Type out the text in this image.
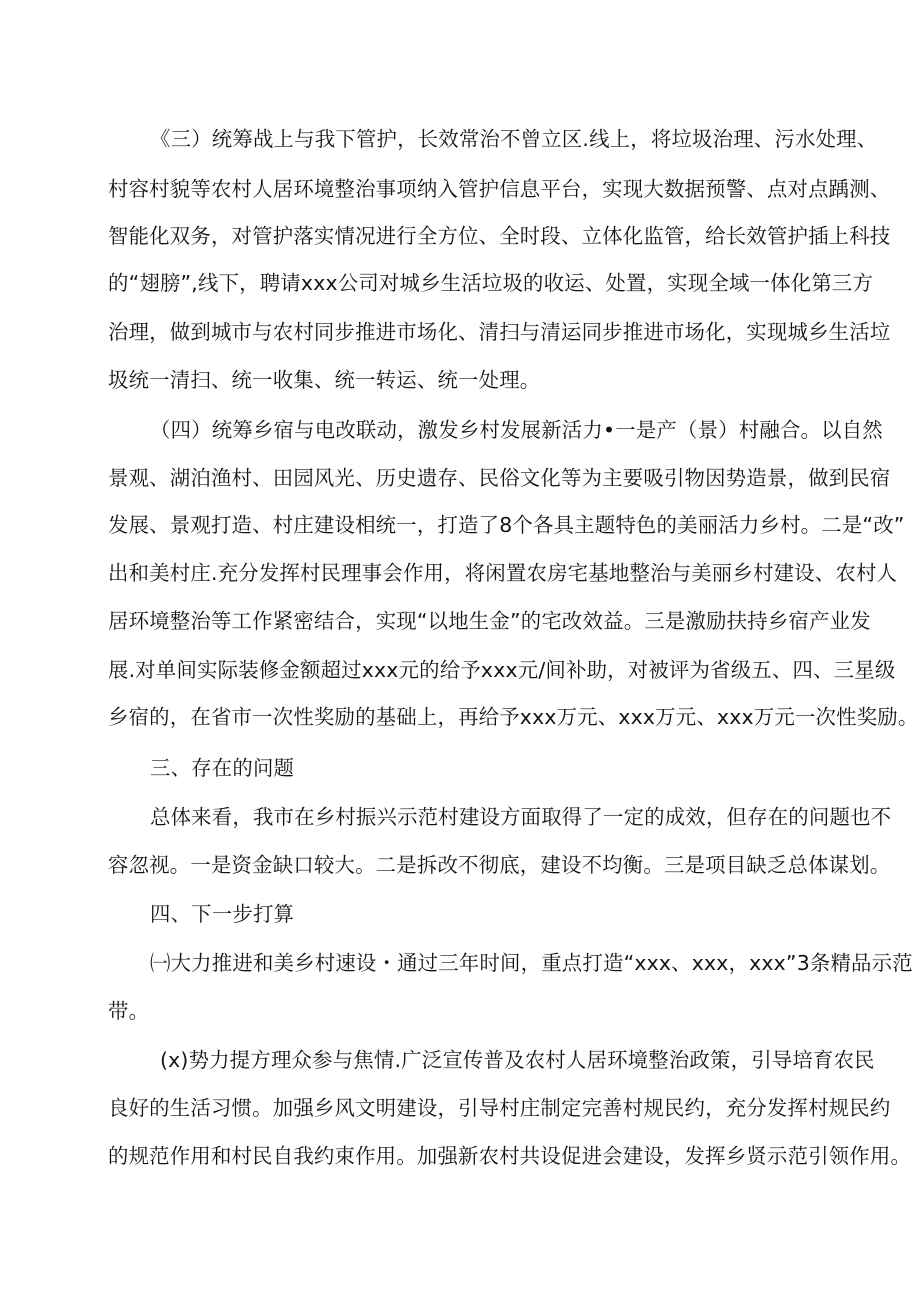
《三）统筹战上与我下管护，长效常治不曾立区.线上，将垃圾治理、污水处理、
村容村貌等农村人居环境整治事项纳入管护信息平台，实现大数据预警、点对点踽测、
智能化双务，对管护落实情况进行全方位、全时段、立体化监管，给长效管护插上科技
的“翅膀”,线下，聘请xxx公司对城乡生活垃圾的收运、处置，实现全域一体化第三方
治理，做到城市与农村同步推进市场化、清扫与清运同步推进市场化，实现城乡生活垃
圾统一清扫、统一收集、统一转运、统一处理。
（四）统筹乡宿与电改联动，激发乡村发展新活力•一是产（景）村融合。以自然
景观、湖泊渔村、田园风光、历史遗存、民俗文化等为主要吸引物因势造景，做到民宿
发展、景观打造、村庄建设相统一，打造了8个各具主题特色的美丽活力乡村。二是“改”
出和美村庄.充分发挥村民理事会作用，将闲置农房宅基地整治与美丽乡村建设、农村人
居环境整治等工作紧密结合，实现“以地生金”的宅改效益。三是激励扶持乡宿产业发
展.对单间实际装修金额超过xxx元的给予xxx元/间补助，对被评为省级五、四、三星级
乡宿的，在省市一次性奖励的基础上，再给予xxx万元、xxx万元、xxx万元一次性奖励。
三、存在的问题
总体来看，我市在乡村振兴示范村建设方面取得了一定的成效，但存在的问题也不
容忽视。一是资金缺口较大。二是拆改不彻底，建设不均衡。三是项目缺乏总体谋划。
四、下一步打算
㈠大力推进和美乡村速设・通过三年时间，重点打造“xxx、xxx，xxx”3条精品示范
带。
(x)势力提方理众参与焦情.广泛宣传普及农村人居环境整治政策，引导培育农民
良好的生活习惯。加强乡风文明建设，引导村庄制定完善村规民约，充分发挥村规民约
的规范作用和村民自我约束作用。加强新农村共设促进会建设，发挥乡贤示范引领作用。
